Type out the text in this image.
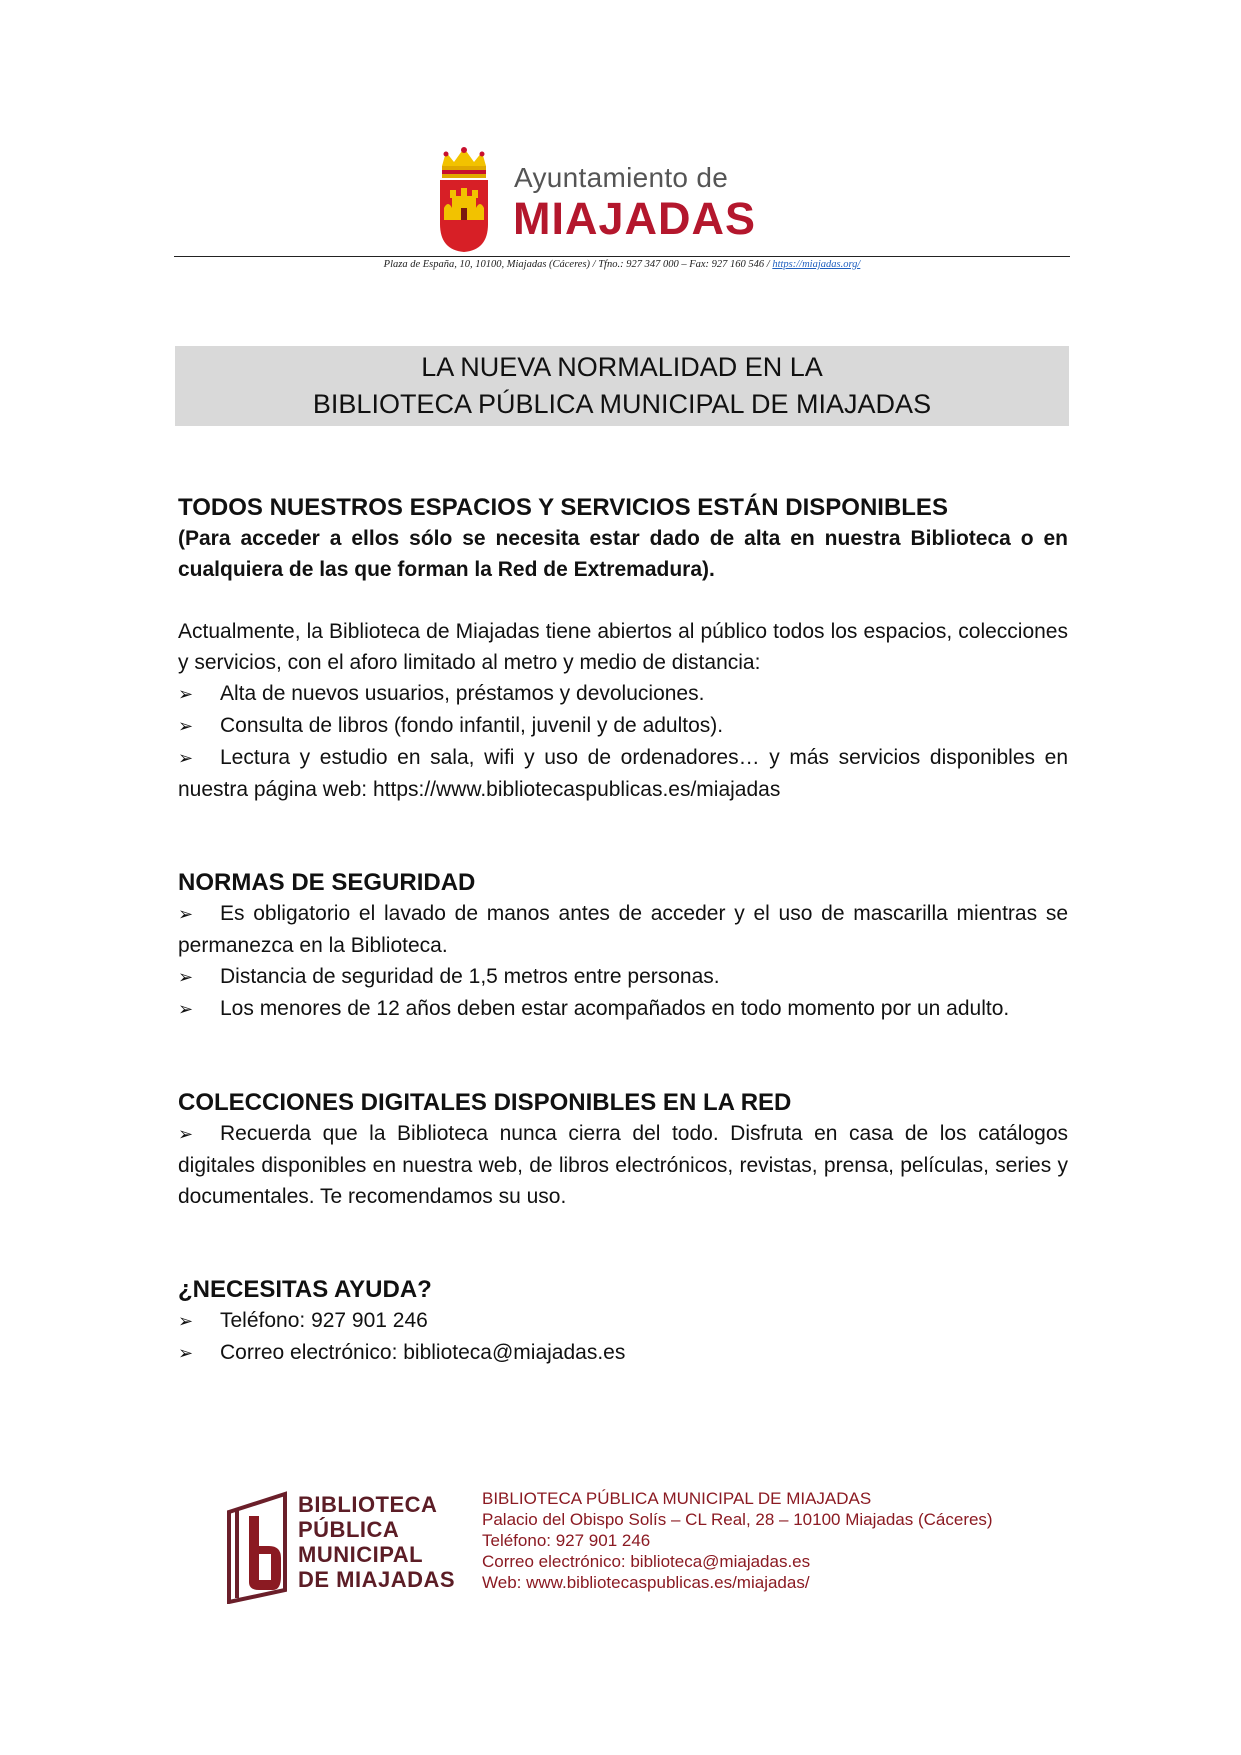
Ayuntamiento de
MIAJADAS
Plaza de España, 10, 10100, Miajadas (Cáceres) / Tfno.: 927 347 000 – Fax: 927 160 546 / https://miajadas.org/
LA NUEVA NORMALIDAD EN LA
BIBLIOTECA PÚBLICA MUNICIPAL DE MIAJADAS
TODOS NUESTROS ESPACIOS Y SERVICIOS ESTÁN DISPONIBLES
(Para acceder a ellos sólo se necesita estar dado de alta en nuestra Biblioteca o en cualquiera de las que forman la Red de Extremadura).
Actualmente, la Biblioteca de Miajadas tiene abiertos al público todos los espacios, colecciones y servicios, con el aforo limitado al metro y medio de distancia:
➢ Alta de nuevos usuarios, préstamos y devoluciones.
➢ Consulta de libros (fondo infantil, juvenil y de adultos).
➢ Lectura y estudio en sala, wifi y uso de ordenadores… y más servicios disponibles en nuestra página web: https://www.bibliotecaspublicas.es/miajadas
NORMAS DE SEGURIDAD
➢ Es obligatorio el lavado de manos antes de acceder y el uso de mascarilla mientras se permanezca en la Biblioteca.
➢ Distancia de seguridad de 1,5 metros entre personas.
➢ Los menores de 12 años deben estar acompañados en todo momento por un adulto.
COLECCIONES DIGITALES DISPONIBLES EN LA RED
➢ Recuerda que la Biblioteca nunca cierra del todo. Disfruta en casa de los catálogos digitales disponibles en nuestra web, de libros electrónicos, revistas, prensa, películas, series y documentales. Te recomendamos su uso.
¿NECESITAS AYUDA?
➢ Teléfono: 927 901 246
➢ Correo electrónico: biblioteca@miajadas.es
BIBLIOTECA
PÚBLICA
MUNICIPAL
DE MIAJADAS
BIBLIOTECA PÚBLICA MUNICIPAL DE MIAJADAS
Palacio del Obispo Solís – CL Real, 28 – 10100 Miajadas (Cáceres)
Teléfono: 927 901 246
Correo electrónico: biblioteca@miajadas.es
Web: www.bibliotecaspublicas.es/miajadas/
